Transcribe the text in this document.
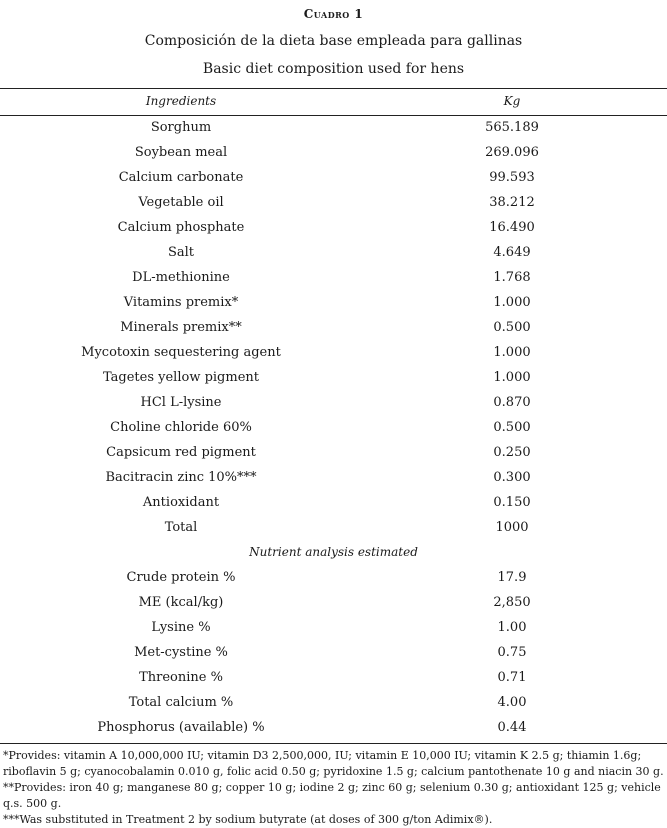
Cuadro 1
Composición de la dieta base empleada para gallinas
Basic diet composition used for hens
Ingredients	Kg
Sorghum	565.189
Soybean meal	269.096
Calcium carbonate	99.593
Vegetable oil	38.212
Calcium phosphate	16.490
Salt	4.649
DL-methionine	1.768
Vitamins premix*	1.000
Minerals premix**	0.500
Mycotoxin sequestering agent	1.000
Tagetes yellow pigment	1.000
HCl L-lysine	0.870
Choline chloride 60%	0.500
Capsicum red pigment	0.250
Bacitracin zinc 10%***	0.300
Antioxidant	0.150
Total	1000
Nutrient analysis estimated
Crude protein %	17.9
ME (kcal/kg)	2,850
Lysine %	1.00
Met-cystine %	0.75
Threonine %	0.71
Total calcium %	4.00
Phosphorus (available) %	0.44

*Provides: vitamin A 10,000,000 IU; vitamin D3 2,500,000, IU; vitamin E 10,000 IU; vitamin K 2.5 g; thiamin 1.6g; riboflavin 5 g; cyanocobalamin 0.010 g, folic acid 0.50 g; pyridoxine 1.5 g; calcium pantothenate 10 g and niacin 30 g.

**Provides: iron 40 g; manganese 80 g; copper 10 g; iodine 2 g; zinc 60 g; selenium 0.30 g; antioxidant 125 g; vehicle q.s. 500 g.

***Was substituted in Treatment 2 by sodium butyrate (at doses of 300 g/ton Adimix®).
